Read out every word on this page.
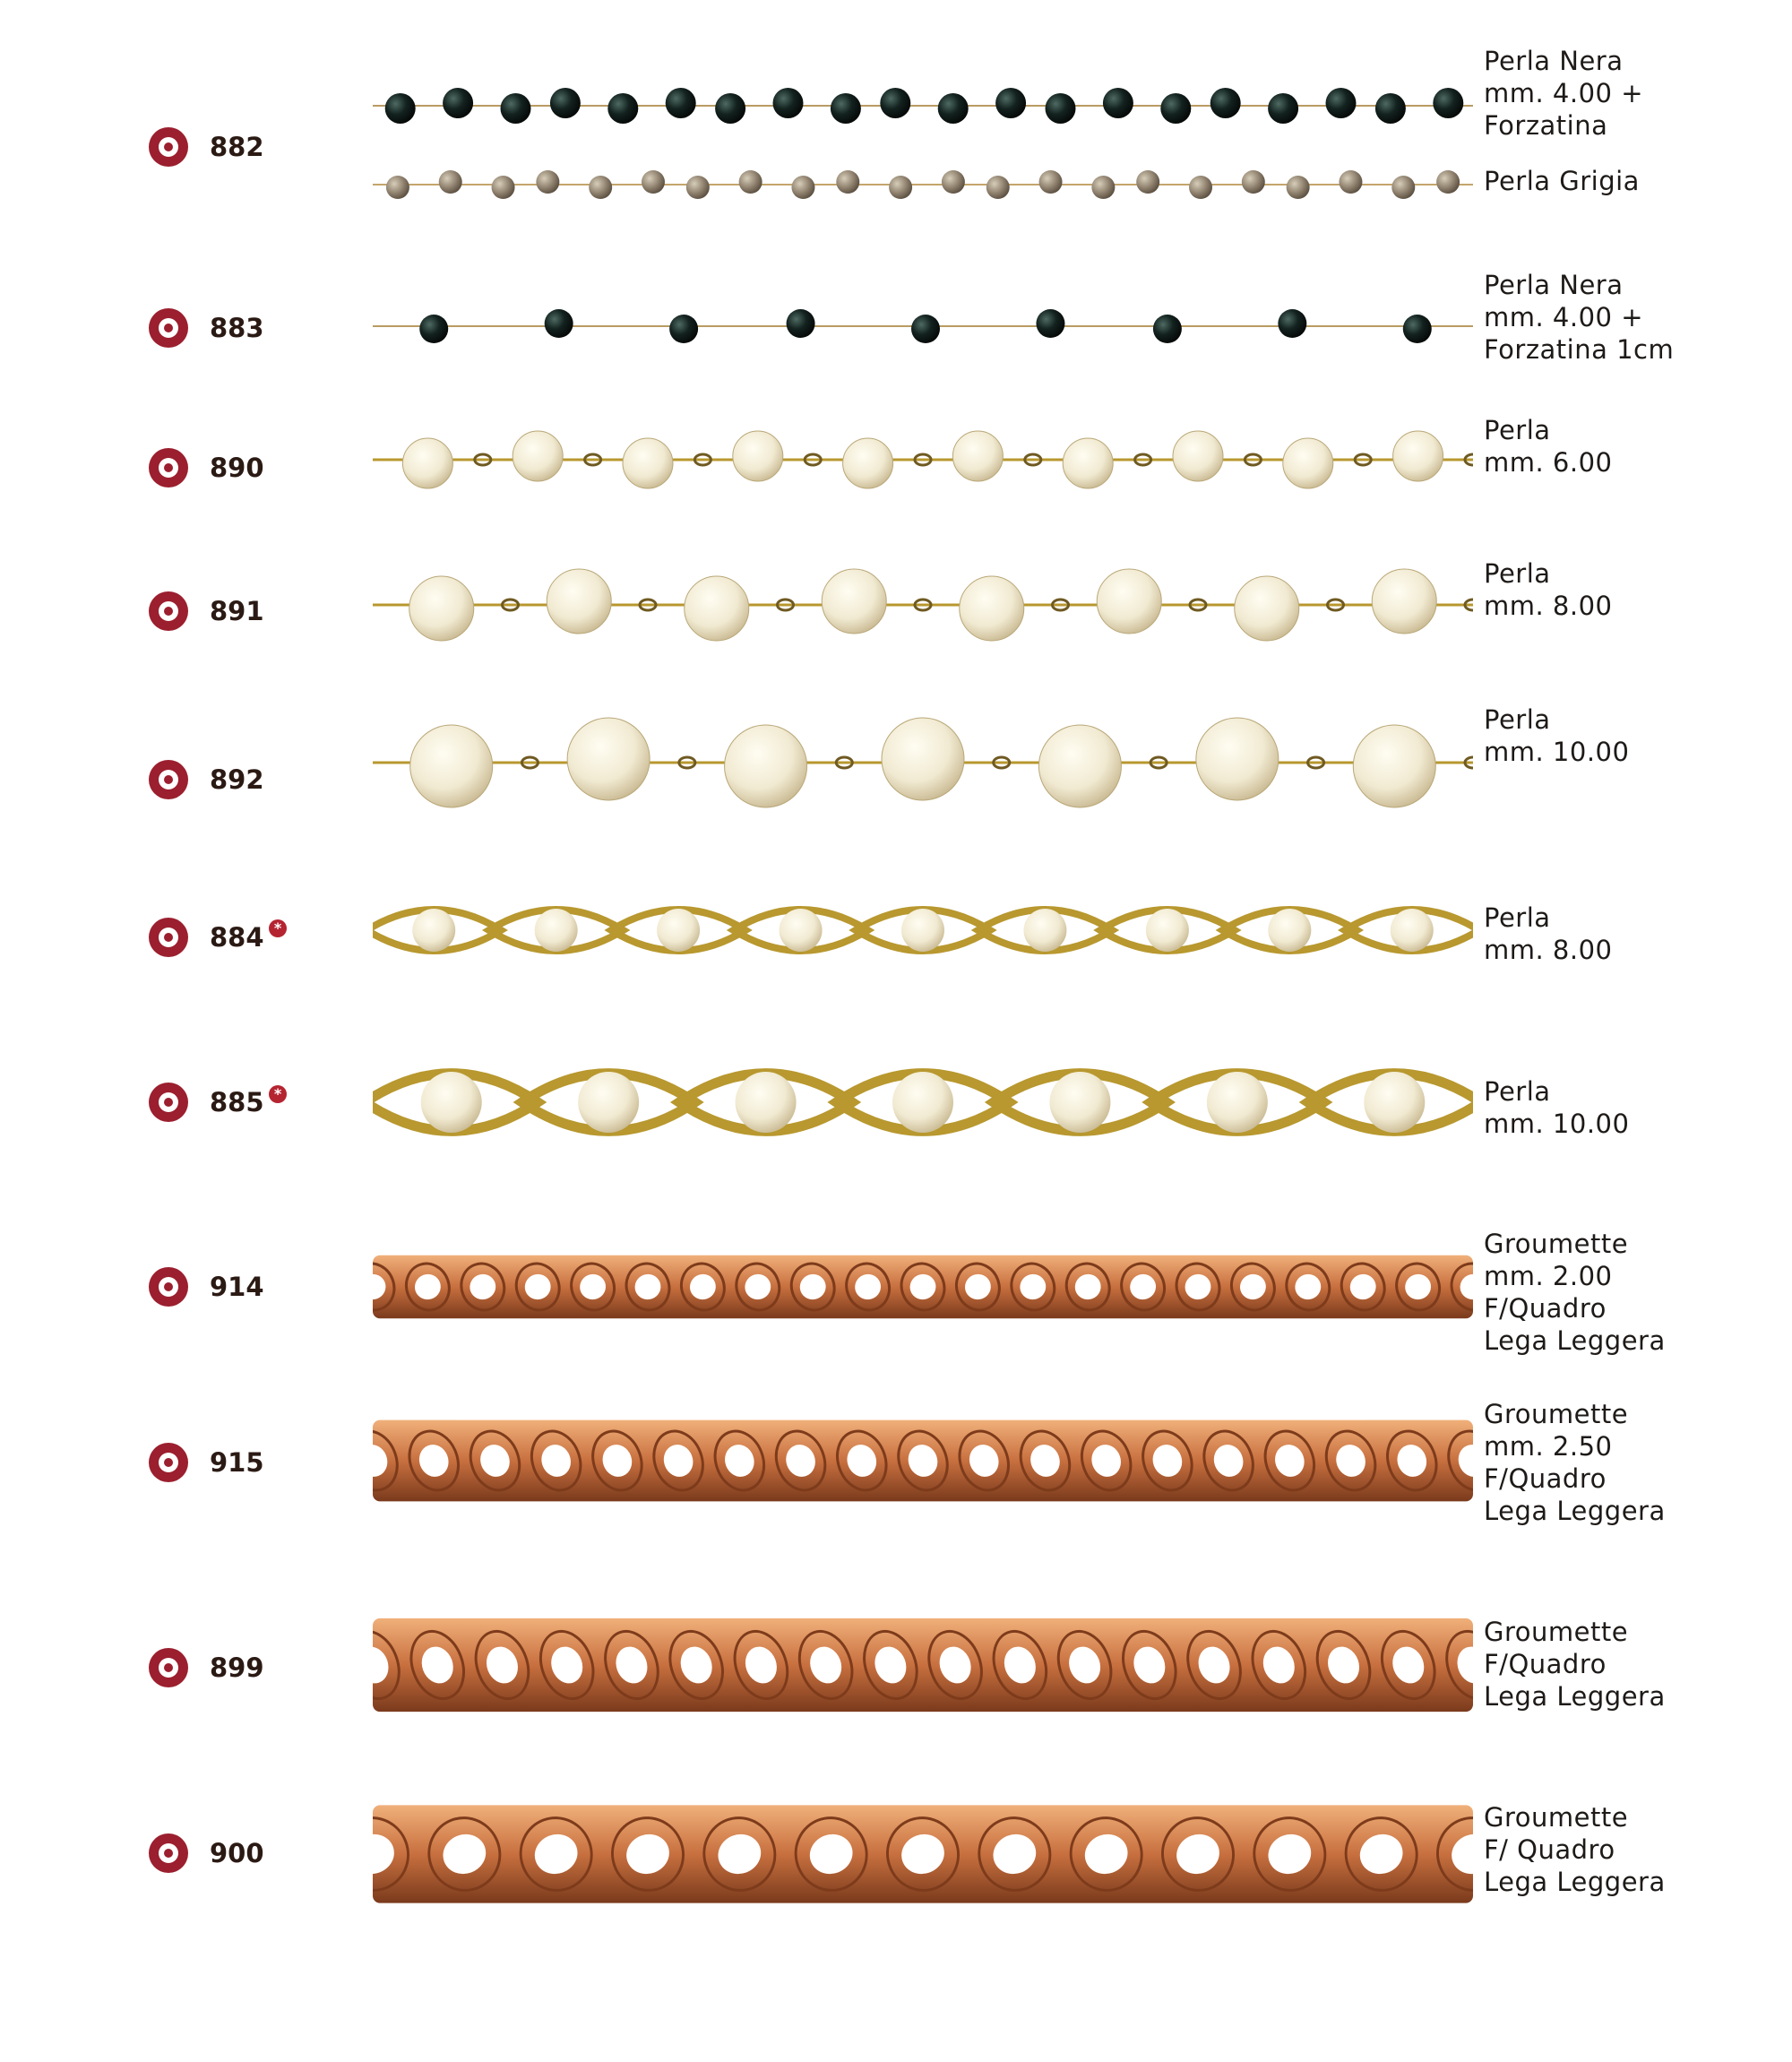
882
Perla Nera
mm. 4.00 +
Forzatina
Perla Grigia
883
Perla Nera
mm. 4.00 +
Forzatina 1cm
890
Perla
mm. 6.00
891
Perla
mm. 8.00
892
Perla
mm. 10.00
884 *	Perla
mm. 8.00
885 *	Perla
mm. 10.00
914
Groumette
mm. 2.00
F/Quadro
Lega Leggera
915
Groumette
mm. 2.50
F/Quadro
Lega Leggera
899
Groumette
F/Quadro
Lega Leggera
900
Groumette
F/ Quadro
Lega Leggera
